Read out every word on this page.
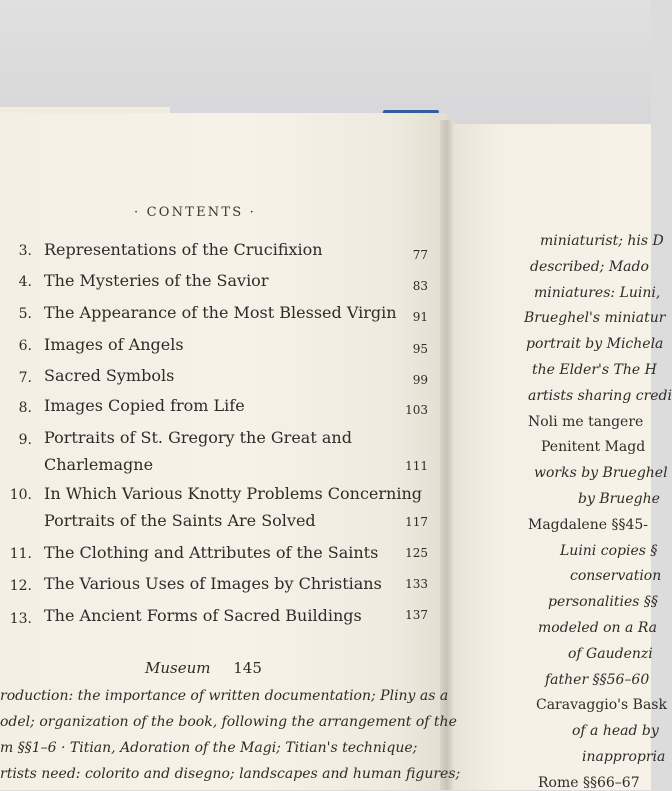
· CONTENTS ·
3. Representations of the Crucifixion	77
4. The Mysteries of the Savior	83
5. The Appearance of the Most Blessed Virgin	91
6. Images of Angels	95
7. Sacred Symbols	99
8. Images Copied from Life	103
9. Portraits of St. Gregory the Great and
Charlemagne	111
10. In Which Various Knotty Problems Concerning
Portraits of the Saints Are Solved	117
11. The Clothing and Attributes of the Saints	125
12. The Various Uses of Images by Christians	133
13. The Ancient Forms of Sacred Buildings	137
Museum 145
roduction: the importance of written documentation; Pliny as a
odel; organization of the book, following the arrangement of the
m §§1–6 · Titian, Adoration of the Magi; Titian's technique;
rtists need: colorito and disegno; landscapes and human figures;
miniaturist; his D
described; Mado
miniatures: Luini,
Brueghel's miniatur
portrait by Michela
the Elder's The H
artists sharing credi
Noli me tangere
Penitent Magd
works by Brueghel
by Brueghe
Magdalene §§45-
Luini copies §
conservation
personalities §§
modeled on a Ra
of Gaudenzi
father §§56–60
Caravaggio's Bask
of a head by
inappropria
Rome §§66–67
